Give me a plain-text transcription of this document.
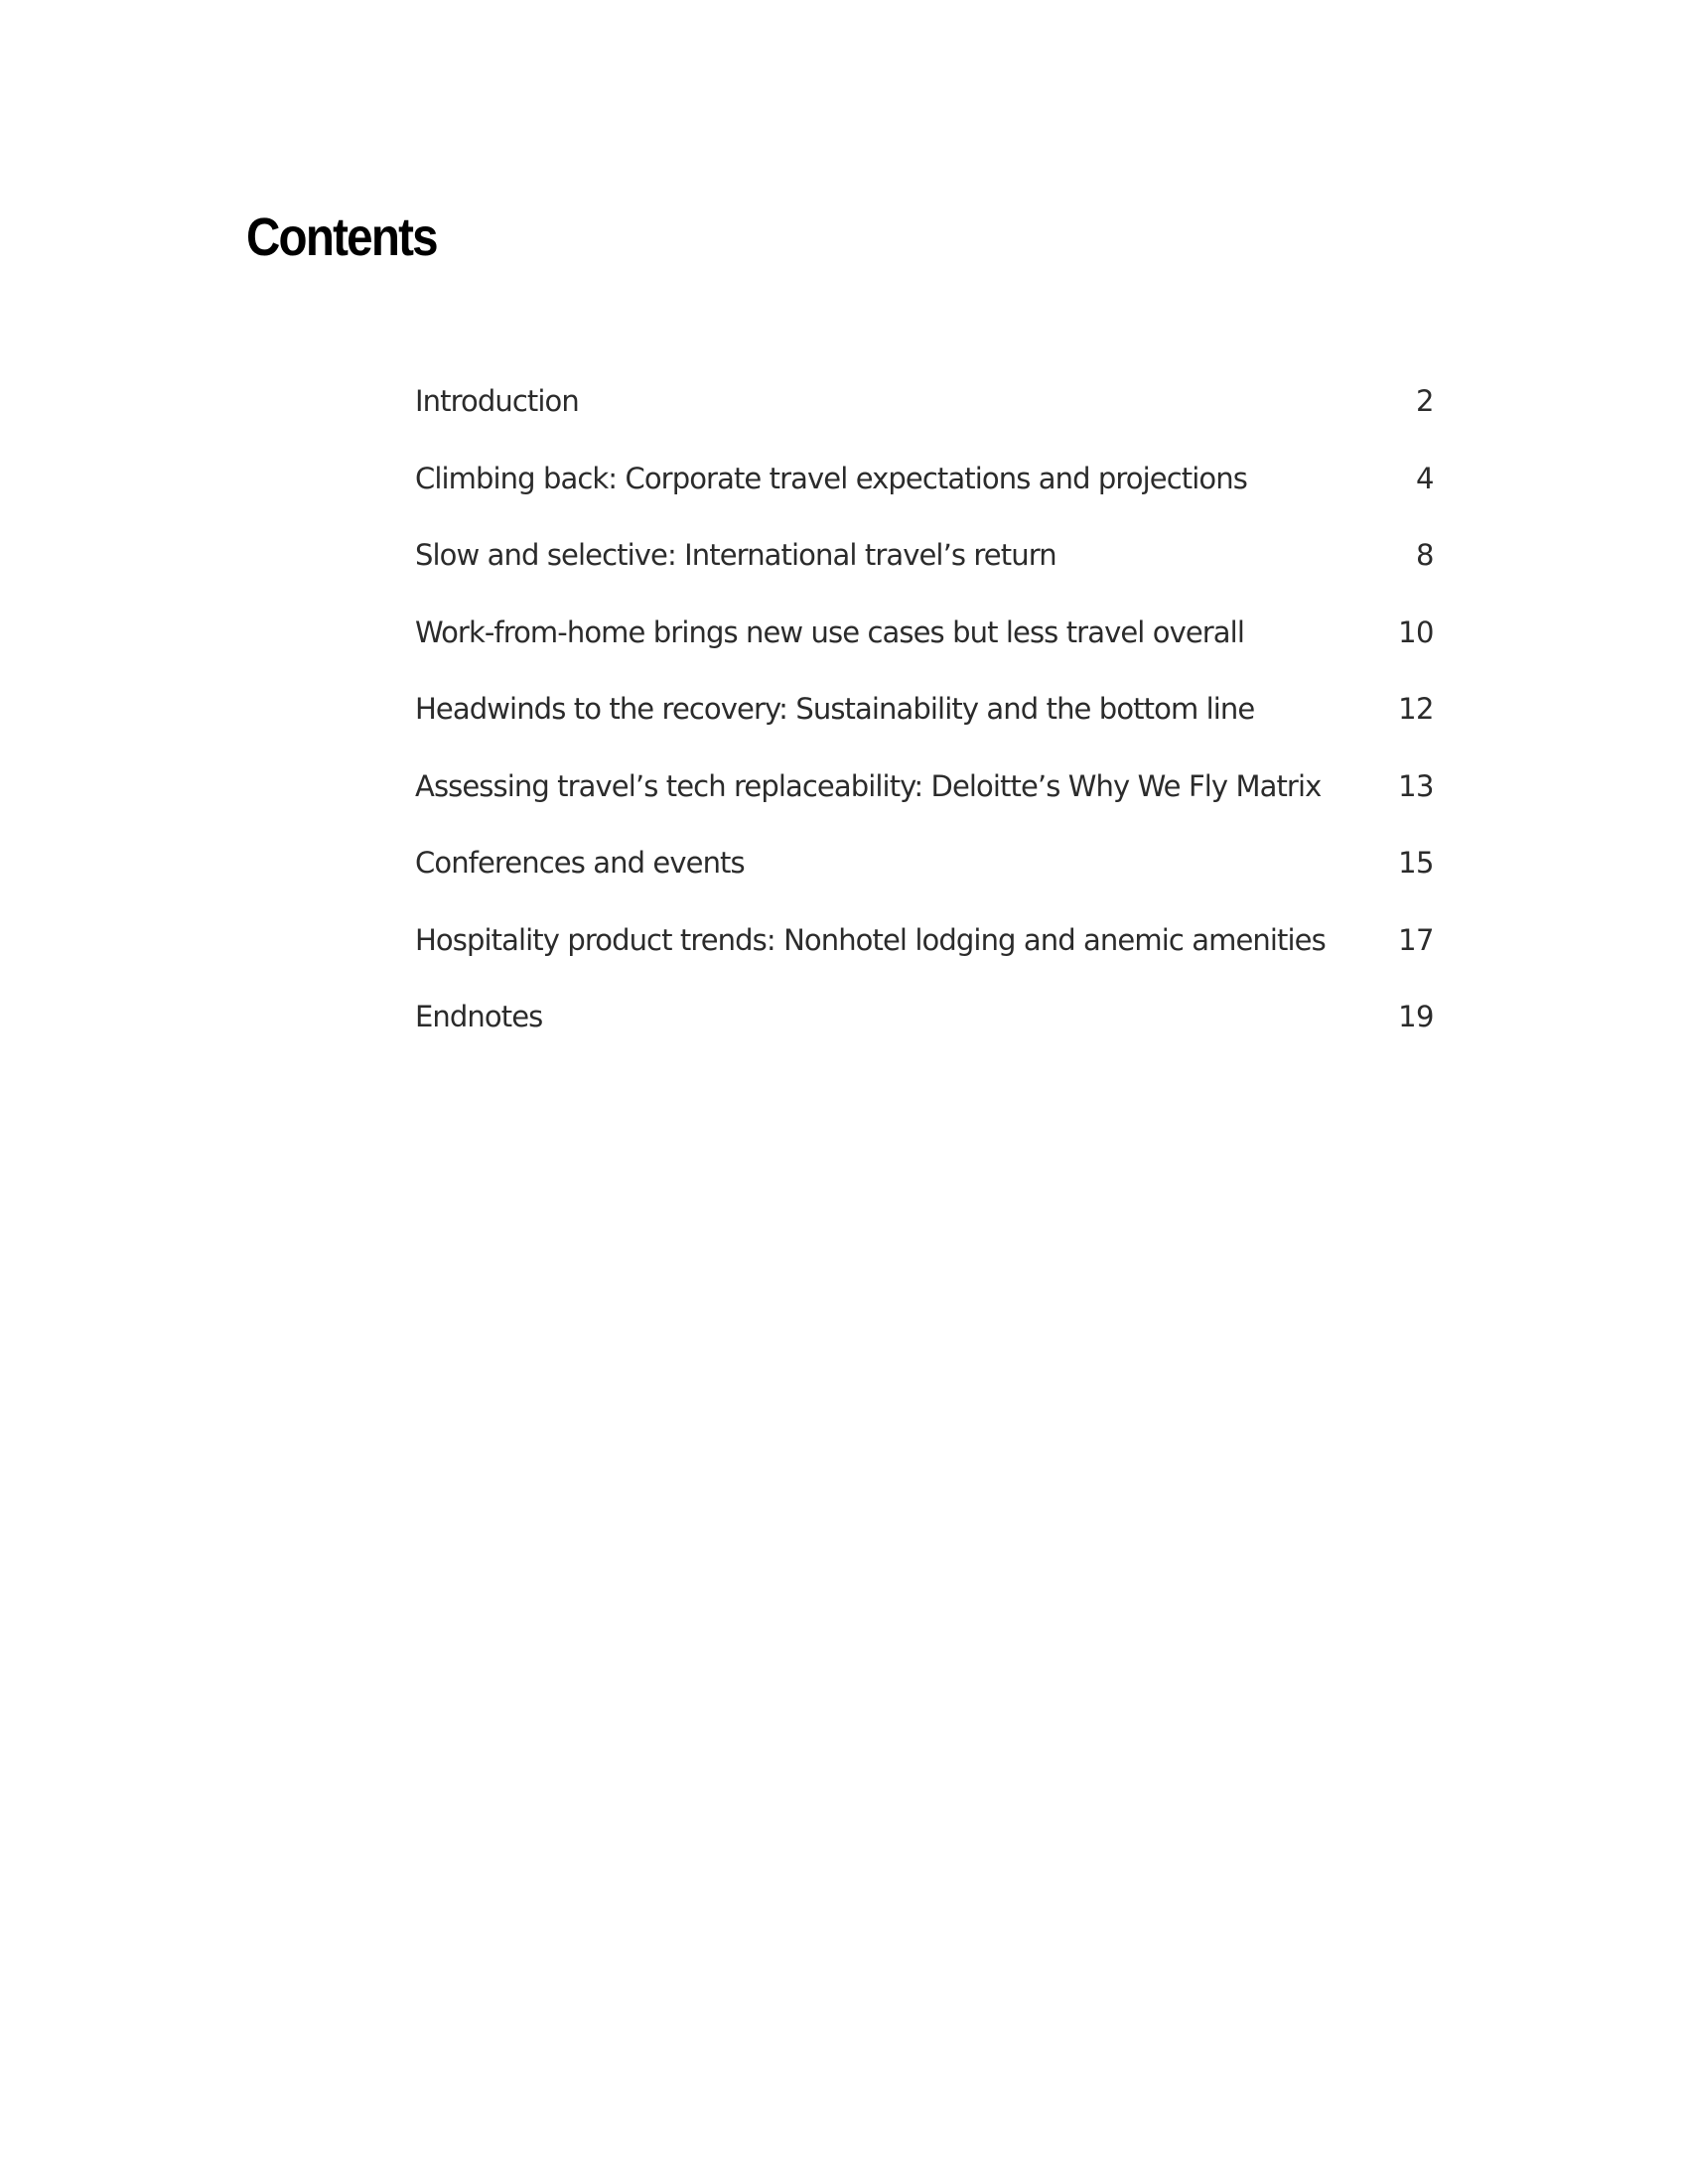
Contents
Introduction	2
Climbing back: Corporate travel expectations and projections	4
Slow and selective: International travel’s return	8
Work-from-home brings new use cases but less travel overall	10
Headwinds to the recovery: Sustainability and the bottom line	12
Assessing travel’s tech replaceability: Deloitte’s Why We Fly Matrix	13
Conferences and events	15
Hospitality product trends: Nonhotel lodging and anemic amenities	17
Endnotes	19
